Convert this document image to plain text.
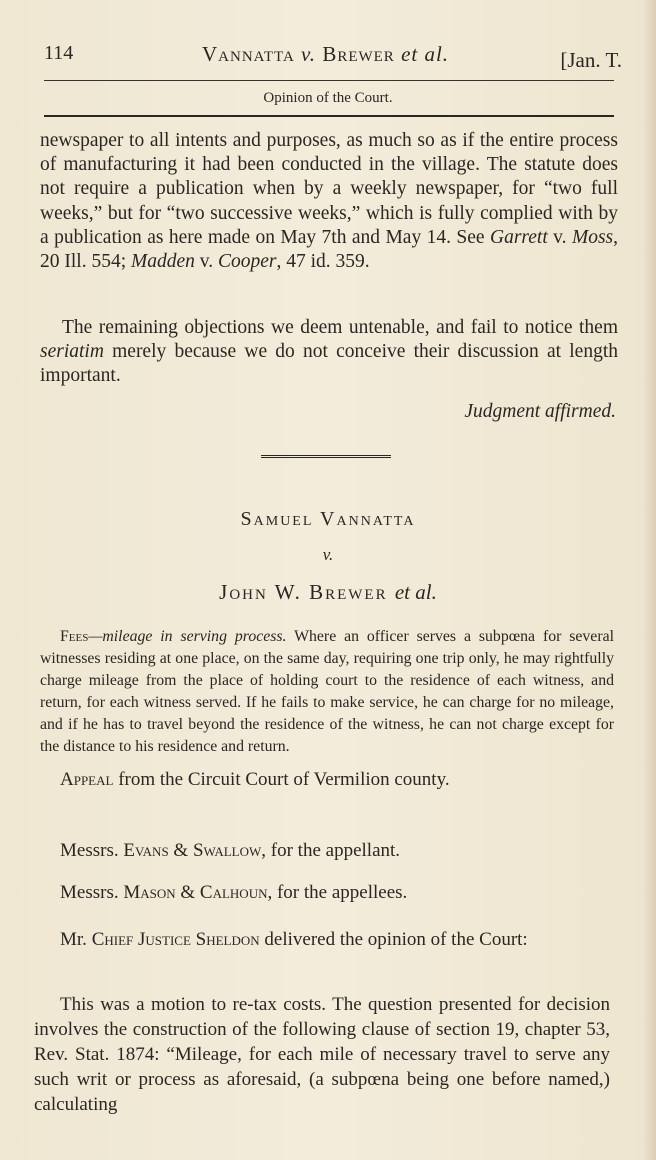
114	Vannatta v. Brewer et al.	[Jan. T.
Opinion of the Court.

newspaper to all intents and purposes, as much so as if the entire process of manufacturing it had been conducted in the village. The statute does not require a publication when by a weekly newspaper, for “two full weeks,” but for “two successive weeks,” which is fully complied with by a publication as here made on May 7th and May 14. See Garrett v. Moss, 20 Ill. 554; Madden v. Cooper, 47 id. 359.

The remaining objections we deem untenable, and fail to notice them seriatim merely because we do not conceive their discussion at length important.

Judgment affirmed.
Samuel Vannatta
v.
John W. Brewer et al.

Fees—mileage in serving process. Where an officer serves a subpœna for several witnesses residing at one place, on the same day, requiring one trip only, he may rightfully charge mileage from the place of holding court to the residence of each witness, and return, for each witness served. If he fails to make service, he can charge for no mileage, and if he has to travel beyond the residence of the witness, he can not charge except for the distance to his residence and return.

Appeal from the Circuit Court of Vermilion county.
Messrs. Evans & Swallow, for the appellant.
Messrs. Mason & Calhoun, for the appellees.

Mr. Chief Justice Sheldon delivered the opinion of the Court:

This was a motion to re-tax costs. The question presented for decision involves the construction of the following clause of section 19, chapter 53, Rev. Stat. 1874: “Mileage, for each mile of necessary travel to serve any such writ or process as aforesaid, (a subpœna being one before named,) calculating
